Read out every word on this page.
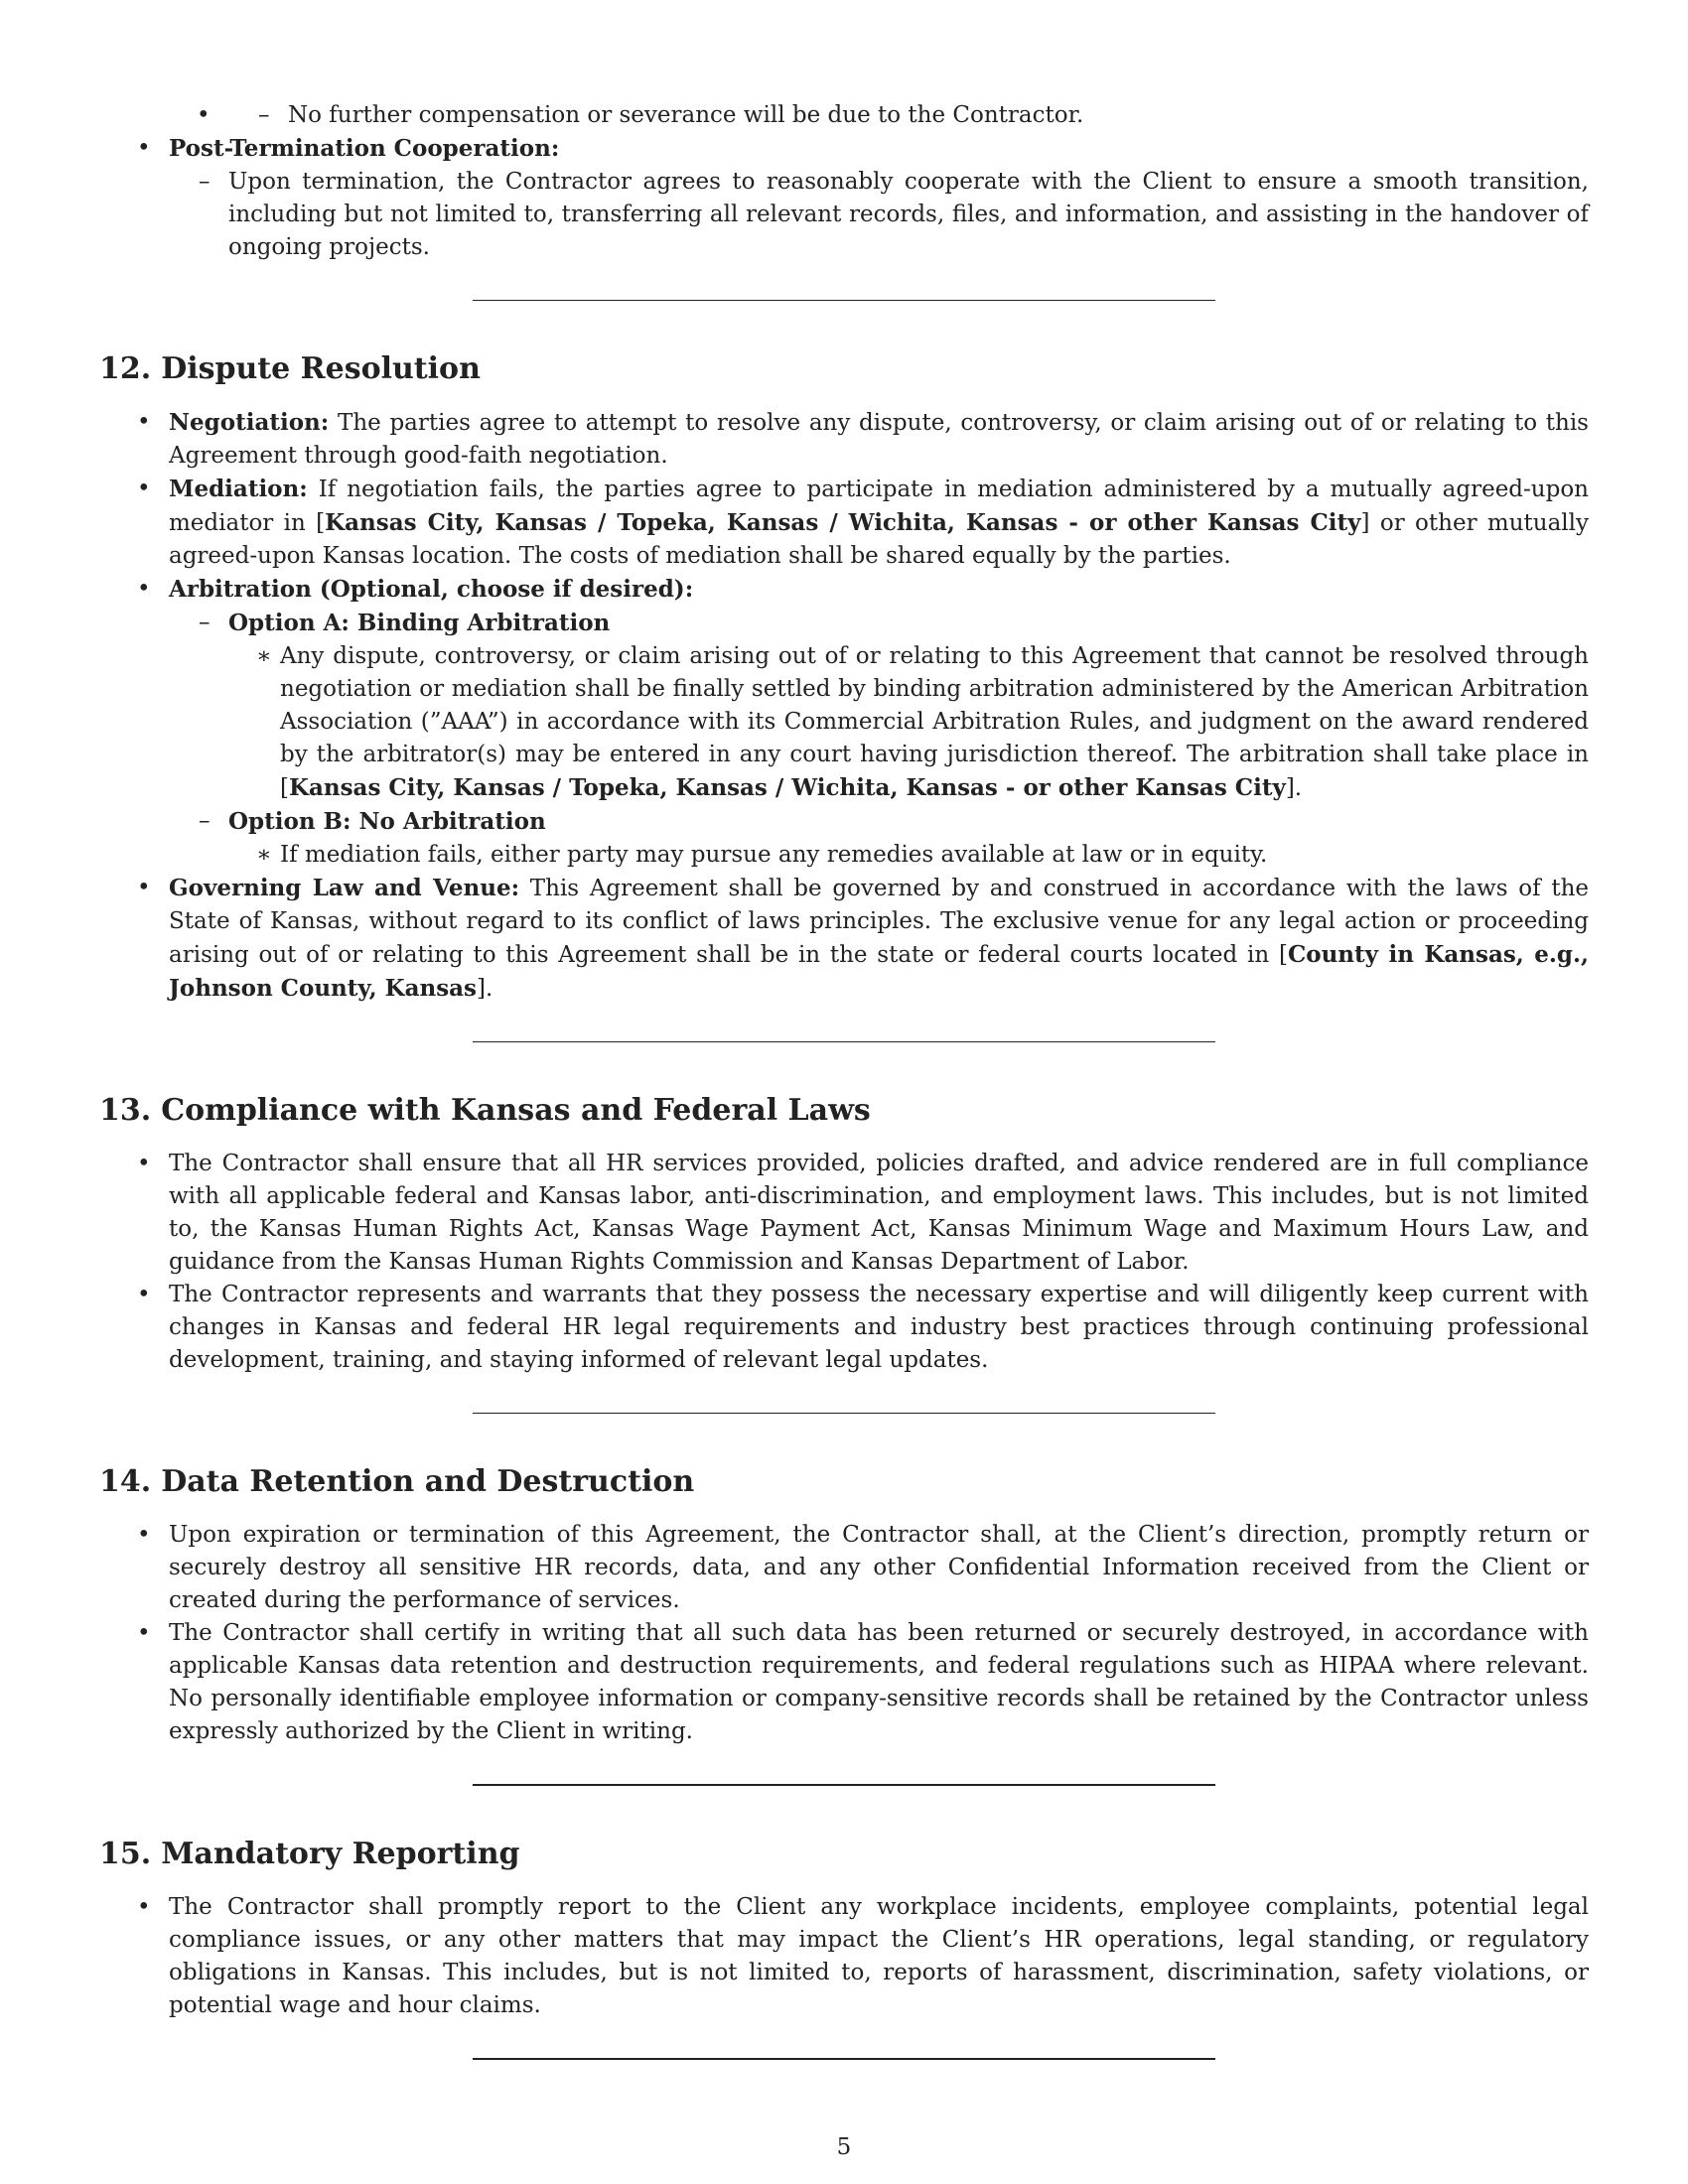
– No further compensation or severance will be due to the Contractor.
• Post-Termination Cooperation:
– Upon termination, the Contractor agrees to reasonably cooperate with the Client to ensure a smooth transition, including but not limited to, transferring all relevant records, files, and information, and assisting in the handover of ongoing projects.
12. Dispute Resolution
• Negotiation: The parties agree to attempt to resolve any dispute, controversy, or claim arising out of or relating to this Agreement through good-faith negotiation.
• Mediation: If negotiation fails, the parties agree to participate in mediation administered by a mutually agreed-upon mediator in [Kansas City, Kansas / Topeka, Kansas / Wichita, Kansas - or other Kansas City] or other mutually agreed-upon Kansas location. The costs of mediation shall be shared equally by the parties.
• Arbitration (Optional, choose if desired):
– Option A: Binding Arbitration
∗ Any dispute, controversy, or claim arising out of or relating to this Agreement that cannot be resolved through negotiation or mediation shall be finally settled by binding arbitration administered by the American Arbitration Association (”AAA”) in accordance with its Commercial Arbitration Rules, and judgment on the award rendered by the arbitrator(s) may be entered in any court having jurisdiction thereof. The arbitration shall take place in [Kansas City, Kansas / Topeka, Kansas / Wichita, Kansas - or other Kansas City].
– Option B: No Arbitration
∗ If mediation fails, either party may pursue any remedies available at law or in equity.
• Governing Law and Venue: This Agreement shall be governed by and construed in accordance with the laws of the State of Kansas, without regard to its conflict of laws principles. The exclusive venue for any legal action or proceeding arising out of or relating to this Agreement shall be in the state or federal courts located in [County in Kansas, e.g., Johnson County, Kansas].
13. Compliance with Kansas and Federal Laws
• The Contractor shall ensure that all HR services provided, policies drafted, and advice rendered are in full compliance with all applicable federal and Kansas labor, anti-discrimination, and employment laws. This includes, but is not limited to, the Kansas Human Rights Act, Kansas Wage Payment Act, Kansas Minimum Wage and Maximum Hours Law, and guidance from the Kansas Human Rights Commission and Kansas Department of Labor.
• The Contractor represents and warrants that they possess the necessary expertise and will diligently keep current with changes in Kansas and federal HR legal requirements and industry best practices through continuing professional development, training, and staying informed of relevant legal updates.
14. Data Retention and Destruction
• Upon expiration or termination of this Agreement, the Contractor shall, at the Client’s direction, promptly return or securely destroy all sensitive HR records, data, and any other Confidential Information received from the Client or created during the performance of services.
• The Contractor shall certify in writing that all such data has been returned or securely destroyed, in accordance with applicable Kansas data retention and destruction requirements, and federal regulations such as HIPAA where relevant. No personally identifiable employee information or company-sensitive records shall be retained by the Contractor unless expressly authorized by the Client in writing.
15. Mandatory Reporting
• The Contractor shall promptly report to the Client any workplace incidents, employee complaints, potential legal compliance issues, or any other matters that may impact the Client’s HR operations, legal standing, or regulatory obligations in Kansas. This includes, but is not limited to, reports of harassment, discrimination, safety violations, or potential wage and hour claims.
5
